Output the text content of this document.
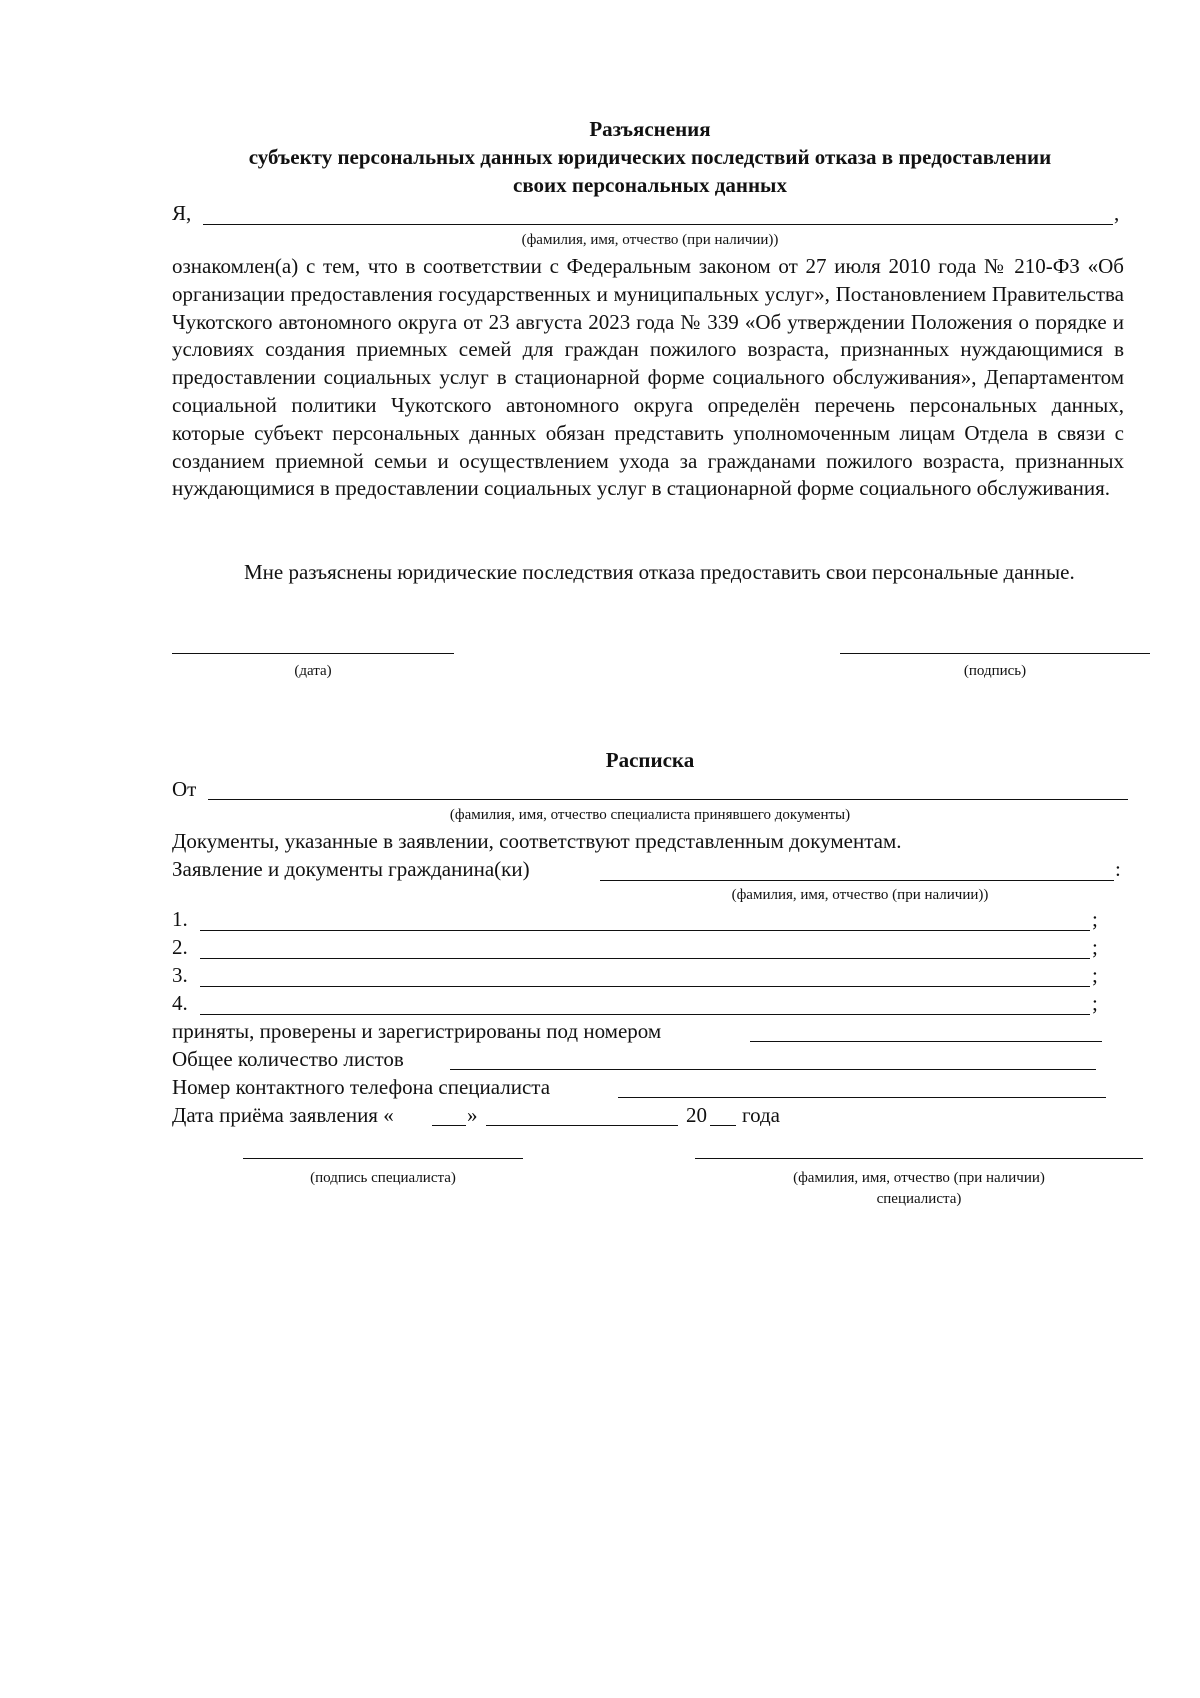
Разъяснения
субъекту персональных данных юридических последствий отказа в предоставлении
своих персональных данных
Я,	,
(фамилия, имя, отчество (при наличии))
ознакомлен(а) с тем, что в соответствии с Федеральным законом от 27 июля 2010 года № 210-ФЗ «Об организации предоставления государственных и муниципальных услуг», Постановлением Правительства Чукотского автономного округа от 23 августа 2023 года № 339 «Об утверждении Положения о порядке и условиях создания приемных семей для граждан пожилого возраста, признанных нуждающимися в предоставлении социальных услуг в стационарной форме социального обслуживания», Департаментом социальной политики Чукотского автономного округа определён перечень персональных данных, которые субъект персональных данных обязан представить уполномоченным лицам Отдела в связи с созданием приемной семьи и осуществлением ухода за гражданами пожилого возраста, признанных нуждающимися в предоставлении социальных услуг в стационарной форме социального обслуживания.
Мне разъяснены юридические последствия отказа предоставить свои персональные данные.
(дата)	(подпись)
Расписка
От
(фамилия, имя, отчество специалиста принявшего документы)
Документы, указанные в заявлении, соответствуют представленным документам.
Заявление и документы гражданина(ки)	:
(фамилия, имя, отчество (при наличии))
1.	;
2.	;
3.	;
4.	;
приняты, проверены и зарегистрированы под номером
Общее количество листов
Номер контактного телефона специалиста
Дата приёма заявления «	»	20 года
(подпись специалиста)	(фамилия, имя, отчество (при наличии)
специалиста)
